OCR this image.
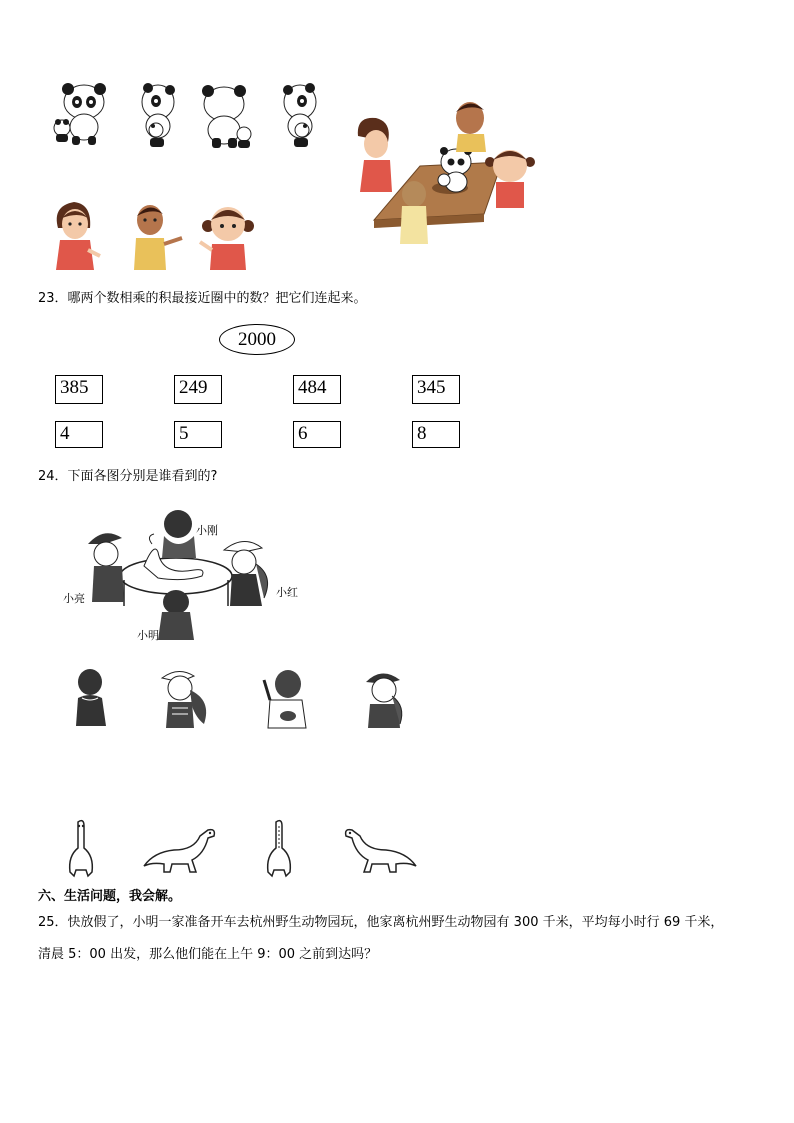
23．哪两个数相乘的积最接近圈中的数？把它们连起来。
2000
385	249	484	345
4	5	6	8
24．下面各图分别是谁看到的?
小刚
小红
小亮
小明
六、生活问题，我会解。
25．快放假了，小明一家准备开车去杭州野生动物园玩，他家离杭州野生动物园有 300 千米，平均每小时行 69 千米，
清晨 5：00 出发，那么他们能在上午 9：00 之前到达吗？
